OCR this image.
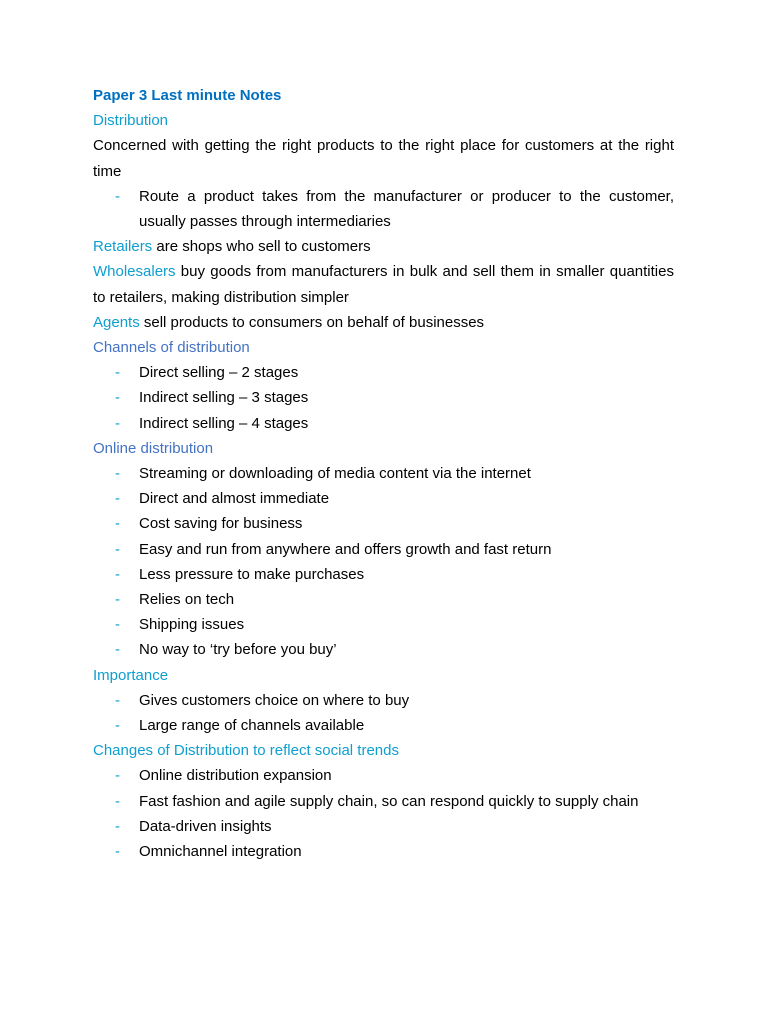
Paper 3 Last minute Notes

Distribution

Concerned with getting the right products to the right place for customers at the right time

- Route a product takes from the manufacturer or producer to the customer, usually passes through intermediaries

Retailers are shops who sell to customers

Wholesalers buy goods from manufacturers in bulk and sell them in smaller quantities to retailers, making distribution simpler

Agents sell products to consumers on behalf of businesses

Channels of distribution

- Direct selling – 2 stages
- Indirect selling – 3 stages
- Indirect selling – 4 stages

Online distribution

- Streaming or downloading of media content via the internet
- Direct and almost immediate
- Cost saving for business
- Easy and run from anywhere and offers growth and fast return
- Less pressure to make purchases
- Relies on tech
- Shipping issues
- No way to ‘try before you buy’

Importance

- Gives customers choice on where to buy
- Large range of channels available

Changes of Distribution to reflect social trends

- Online distribution expansion
- Fast fashion and agile supply chain, so can respond quickly to supply chain
- Data-driven insights
- Omnichannel integration
